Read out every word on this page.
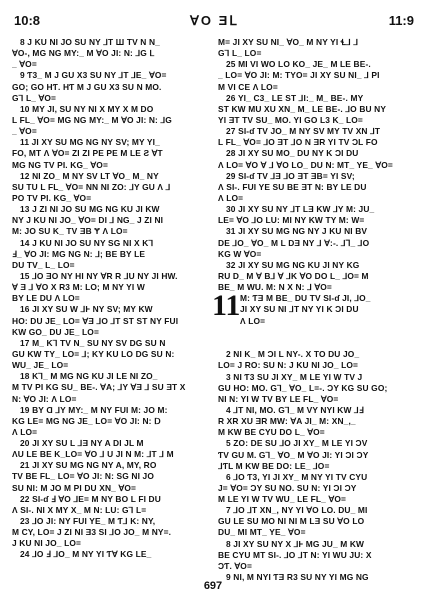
10:8	ⱯO ƎⅬ	11:9
8 J KU NI JO SU NY ⅃T Ш TV N N_
ⱯO-, MG NG MY:_ M ⱯO JI: N: ⅃G Ⅼ
_ ⱯO=
9 Ƭ3_ M J GU X3 SU NY ⅃T ⅃E_ ⱯO=
GO; GO HƬ. HƬ M J GU X3 SU N MO.
G⅂ L_ ⱯO=
10 MY JI, SU NY NI X MY X M DO
L FL_ ⱯO= MG NG MY:_ M ⱯO JI: N: ⅃G
_ ⱯO=
11 JI XY SU MG NG NY SV; MY YI_
FO, MT Λ ⱯO= ZI ZI PE PE M LE Ƨ ⱯT
MG NG TV PI. KG_ ⱯO=
12 NI ZO_ M NY SV LT ⱯO_ M_ NY
SU TU L FL_ ⱯO= NN NI ZO: ⅃Y GU Λ ⅃
PO TV PI. KG_ ⱯO=
13 J ZI NI JO SU MG NG KU JI KW
NY J KU NI JO_ ⱯO= DI ⅃ NG_ J ZI NI
M: JO SU K_ TV ƎB Ɏ Λ LO=
14 J KU NI JO SU NY SG NI X K⅂
Ⅎ_ ⱯO JI: MG NG N: ⅃; BE BY LE
DU TV_ L_ LO=
15 ⅃O ƎO NY HI NY ⱯR R ⅃U NY JI HW.
Ɐ Ǝ ⅃ ⱯO X R3 M: LO; M NY YI W
BY LE DU Λ LO=
16 JI XY SU W ⅃Ⱶ NY SV; MY KW
HO: DU JE_ LO= ⱯƎ ⅃O ⅃T ST ST NY FUI
KW GO_ DU JE_ LO=
17 M_ K⅂ TV N_ SU NY SV DG SU N
GU KW TY_ LO= ⅃; KY KU LO DG SU N:
WU_ JE_ LO=
18 K⅂_ M MG NG KU JI LE NI ZO_
M TV PI KG SU_ BE-. ⱯA; ⅃Y ⱯƎ ⅃ SU ƎT X
N: ⱯO JI: Λ LO=
19 BY Ɑ ⅃Y MY:_ M NY FUI M: JO M:
KG LE= MG NG JE_ LO= ⱯO JI: N: Ⅾ
Λ LO=
20 JI XY SU L ⅃Ǝ NY A DI JL M
ɅU LE BE K_LO= ⱯO ⅃ U JI N M: ⅃T ⅃ M
21 JI XY SU MG NG NY A, MY, RO
TV BE FL_ LO= ⱯO JI: N: SG NI JO
SU NI: M JO M PI DU XN_ ⱯO=
22 SI-ɗ Ⅎ ⱯO ⅃E= M NY BO L FI DU
Λ SI-. NI X MY X_ M N: LU: G⅂ L=
23 ⅃O JI: NY FUI YE_ M Ƭ⅃ K: NY,
M CY, LO= J ZI NI Ǝ3 SI ⅃O JO_ M NY=.
J KU NI JO_ LO=
24 ⅃O Ⅎ ⅃O_ M NY YI ƬⱯ KG LE_
M= JI XY SU NI_ ⱯO_ M NY YI Ɬ⅃ ⅃
G⅂ L_ LO=
25 MI VI WO LO KO_ JE_ M LE BE-.
_ LO= ⱯO JI: M: TYO= JI XY SU NI_ ⅃ PI
M VI CE Λ LO=
26 YI_ C3_ LE ST ⅃I:_ M_ BE-. MY
ST KW MU XU XN_ M_ LE BE-. ⅃O BU NY
YI ƎT TV SU_ MO. YI GO L3 K_ LO=
27 SI-ɗ TV JO_ M NY SV MY TV XN ⅃T
L FL_ ⱯO= ⅃O ƎT ⅃O N ƎR YI TV ƆL FO
28 JI XY SU MO_ DU NY K ƆI DU
Λ LO= ⱯO Ɐ ⅃ ⱯO LO_ DU N: MT_ YE_ ⱯO=
29 SI-ɗ TV ⅃Ǝ ⅃O ƎT ƎB= YI SV;
Ʌ SI-. FUI YE SU BE ƎT N: BY LE DU
Λ LO=
30 JI XY SU NY ⅃T LƎ KW ⅃Y M: JU_
LE= ⱯO ⅃O LU: MI NY KW TY M: W=
31 JI XY SU MG NG NY J KU NI BV
DE ⅃O_ ⱯO_ M L DƎ NY ⅃ Ɐ:-. ⅃Ꞁ_ ⅃O
KG W ⱯO=
32 JI XY SU MG NG KU JI NY KG
RU D_ M Ɐ B⅃ Ɐ ⅃K ⱯO DO L_ ⅃O= M
BE_ M WU. M: N X N: ⅃ ⱯO=
11 M: ƬƎ M BE_ DU TV SI-ɗ JI, ⅃O_
JI XY SU NI ⅃T NY YI K ƆI DU
Λ LO=
2 NI K_ M ƆI L NY-. X TO DU JO_
LO= J RO: SU N: J KU NI JO_ LO=
3 NI Ƭ3 SU JI XY_ M LE YI W TV J
GU HO: MO. G⅂_ ⱯO_ L=-. ƆY KG SU GO;
NI N: YI W TV BY LE FL_ ⱯO=
4 ⅃T NI, MO. G⅂_ M VY NYI KW ⅃Ⅎ
R XR XU ƎR MW: ⱯA JI_ M: XN_,_
M KW BE CYU DO L_ ⱯO=
5 ZO: DE SU ⅃O JI XY_ M LE YI ƆV
ƬV GU M. G⅂_ ⱯO_ M ⱯO JI: YI ƆI ƆY
⅃ƬL M KW BE DO: LE_ ⅃O=
6 ⅃O Ƭ3, YI JI XY_ M NY YI TV CYU
J= ⱯO= ƆY SU NO. SU N: YI ƆI ƆY
M LE YI W TV WU_ LE FL_ ⱯO=
7 ⅃O ⅃T XN_, NY YI ⱯO LO. DU_ MI
GU LE SU MO NI NI M LƎ SU ⱯO LO
DU_ MI MT_ YE_ ⱯO=
8 JI XY SU NY X ⅃Ⱶ MG JU_ M KW
BE CYU MT SI-. ⅃O ⅃T N: YI WU JU: X
ƆƬ. ⱯO=
9 NI, M NYI ƬƎ R3 SU NY YI MG NG
697
